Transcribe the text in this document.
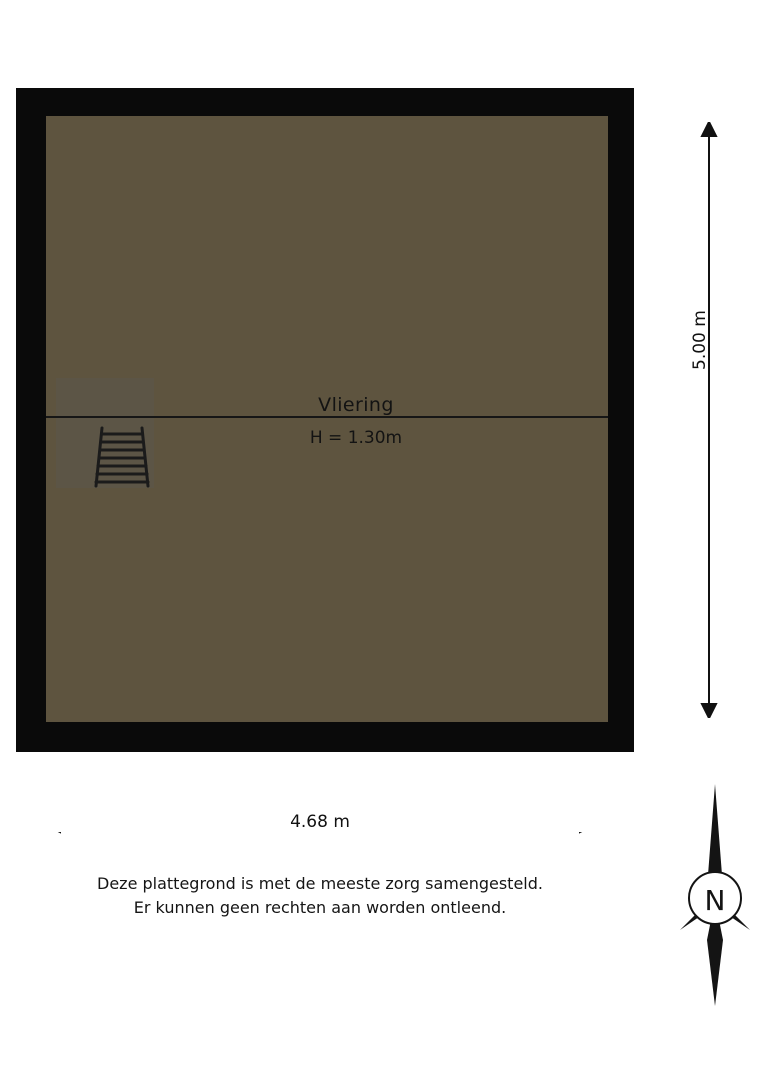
Vliering
H = 1.30m
5.00 m
4.68 m
Deze plattegrond is met de meeste zorg samengesteld.
Er kunnen geen rechten aan worden ontleend.	N
